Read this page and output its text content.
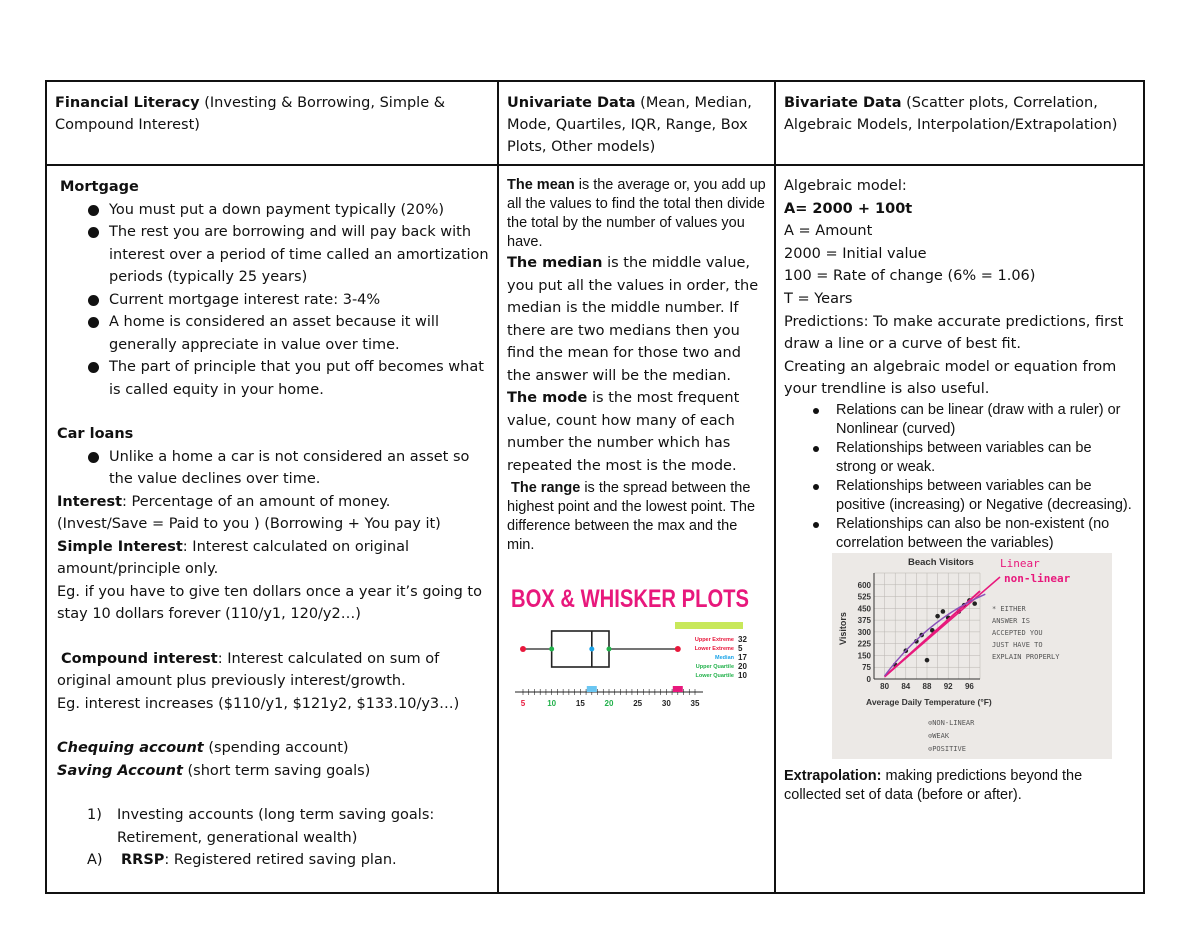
Financial Literacy (Investing & Borrowing, Simple & Compound Interest)
Mortgage
You must put a down payment typically (20%)
The rest you are borrowing and will pay back with interest over a period of time called an amortization periods (typically 25 years)
Current mortgage interest rate: 3-4%
A home is considered an asset because it will generally appreciate in value over time.
The part of principle that you put off becomes what is called equity in your home.
Car loans
Unlike a home a car is not considered an asset so the value declines over time.
Interest: Percentage of an amount of money.
(Invest/Save = Paid to you ) (Borrowing + You pay it)
Simple Interest: Interest calculated on original amount/principle only.
Eg. if you have to give ten dollars once a year it’s going to stay 10 dollars forever (110/y1, 120/y2…)
Compound interest: Interest calculated on sum of original amount plus previously interest/growth.
Eg. interest increases ($110/y1, $121y2, $133.10/y3…)
Chequing account (spending account)
Saving Account (short term saving goals)
1) Investing accounts (long term saving goals: Retirement, generational wealth)
A) RRSP: Registered retired saving plan.
Univariate Data (Mean, Median, Mode, Quartiles, IQR, Range, Box Plots, Other models)
The mean is the average or, you add up all the values to find the total then divide the total by the number of values you have.
The median is the middle value, you put all the values in order, the median is the middle number. If there are two medians then you find the mean for those two and the answer will be the median.
The mode is the most frequent value, count how many of each number the number which has repeated the most is the mode.
The range is the spread between the highest point and the lowest point. The difference between the max and the min.
BOX & WHISKER PLOTS
Upper Extreme 32
Lower Extreme 5
Median 17
Upper Quartile 20
Lower Quartile 10
5	10 15 20 25 30 35
Bivariate Data (Scatter plots, Correlation, Algebraic Models, Interpolation/Extrapolation)
Algebraic model:
A= 2000 + 100t
A = Amount
2000 = Initial value
100 = Rate of change (6% = 1.06)
T = Years
Predictions: To make accurate predictions, first draw a line or a curve of best fit.
Creating an algebraic model or equation from your trendline is also useful.
Relations can be linear (draw with a ruler) or Nonlinear (curved)
Relationships between variables can be strong or weak.
Relationships between variables can be positive (increasing) or Negative (decreasing).
Relationships can also be non-existent (no correlation between the variables)
Beach Visitors
Visitors
Average Daily Temperature (°F)
600
525
450
375
300
225
150
75
0
80 84 88 92 96
Linear
non-linear
* EITHER
ANSWER IS
ACCEPTED YOU
JUST HAVE TO
EXPLAIN PROPERLY
⊙NON-LINEAR
⊙WEAK
⊙POSITIVE
Extrapolation: making predictions beyond the collected set of data (before or after).
